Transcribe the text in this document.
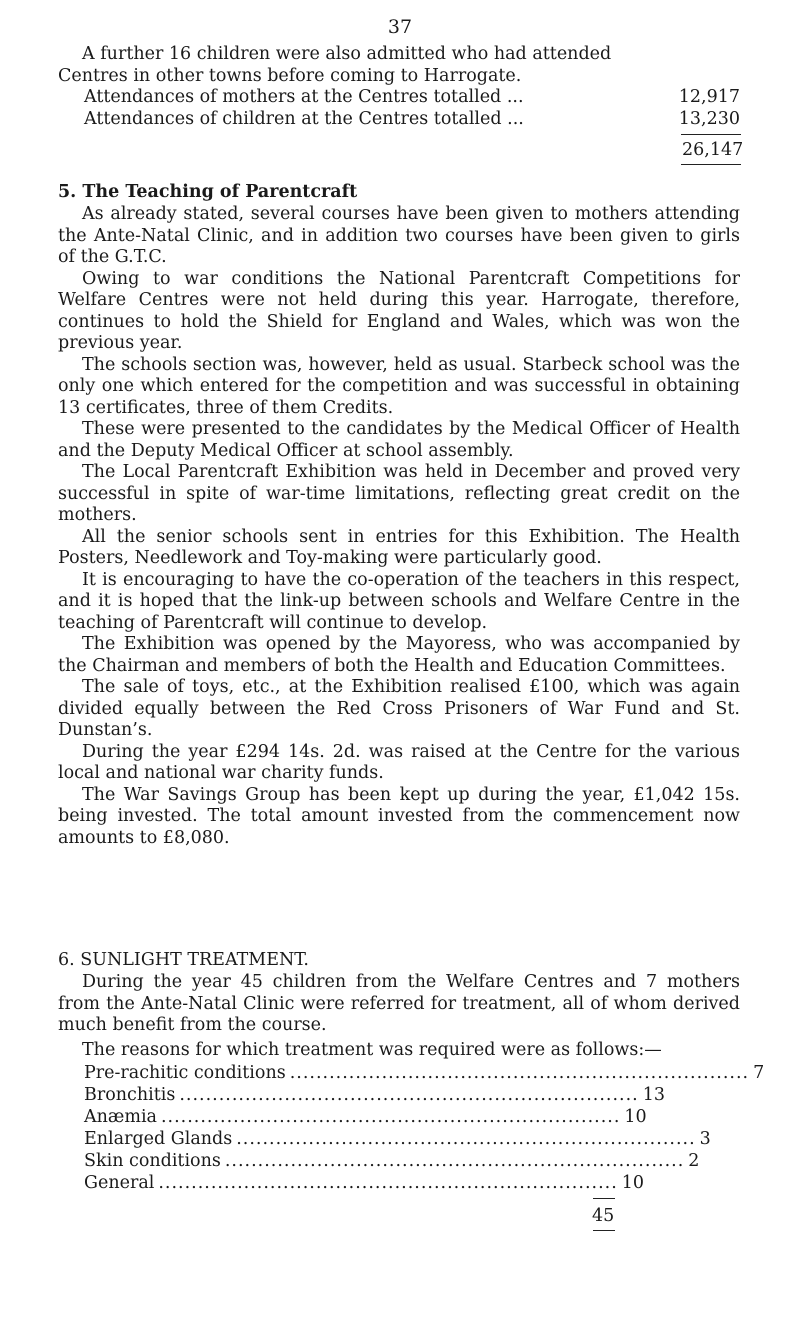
37

A further 16 children were also admitted who had attended

Centres in other towns before coming to Harrogate.

Attendances of mothers at the Centres totalled ...	12,917
Attendances of children at the Centres totalled ...	13,230
26,147
5. The Teaching of Parentcraft

As already stated, several courses have been given to mothers attending the Ante-Natal Clinic, and in addition two courses have been given to girls of the G.T.C.

Owing to war conditions the National Parentcraft Competitions for Welfare Centres were not held during this year. Harrogate, therefore, continues to hold the Shield for England and Wales, which was won the previous year.

The schools section was, however, held as usual. Starbeck school was the only one which entered for the competition and was successful in obtaining 13 certificates, three of them Credits.

These were presented to the candidates by the Medical Officer of Health and the Deputy Medical Officer at school assembly.

The Local Parentcraft Exhibition was held in December and proved very successful in spite of war-time limitations, reflecting great credit on the mothers.

All the senior schools sent in entries for this Exhibition. The Health Posters, Needlework and Toy-making were particularly good.

It is encouraging to have the co-operation of the teachers in this respect, and it is hoped that the link-up between schools and Welfare Centre in the teaching of Parentcraft will continue to develop.

The Exhibition was opened by the Mayoress, who was accompanied by the Chairman and members of both the Health and Education Committees.

The sale of toys, etc., at the Exhibition realised £100, which was again divided equally between the Red Cross Prisoners of War Fund and St. Dunstan’s.

During the year £294 14s. 2d. was raised at the Centre for the various local and national war charity funds.

The War Savings Group has been kept up during the year, £1,042 15s. being invested. The total amount invested from the commencement now amounts to £8,080.

6. SUNLIGHT TREATMENT.

During the year 45 children from the Welfare Centres and 7 mothers from the Ante-Natal Clinic were referred for treatment, all of whom derived much benefit from the course.

The reasons for which treatment was required were as follows:—

Pre-rachitic conditions ...................................................................... 7
Bronchitis ...................................................................... 13
Anæmia ...................................................................... 10
Enlarged Glands ...................................................................... 3
Skin conditions ...................................................................... 2
General ...................................................................... 10
45
